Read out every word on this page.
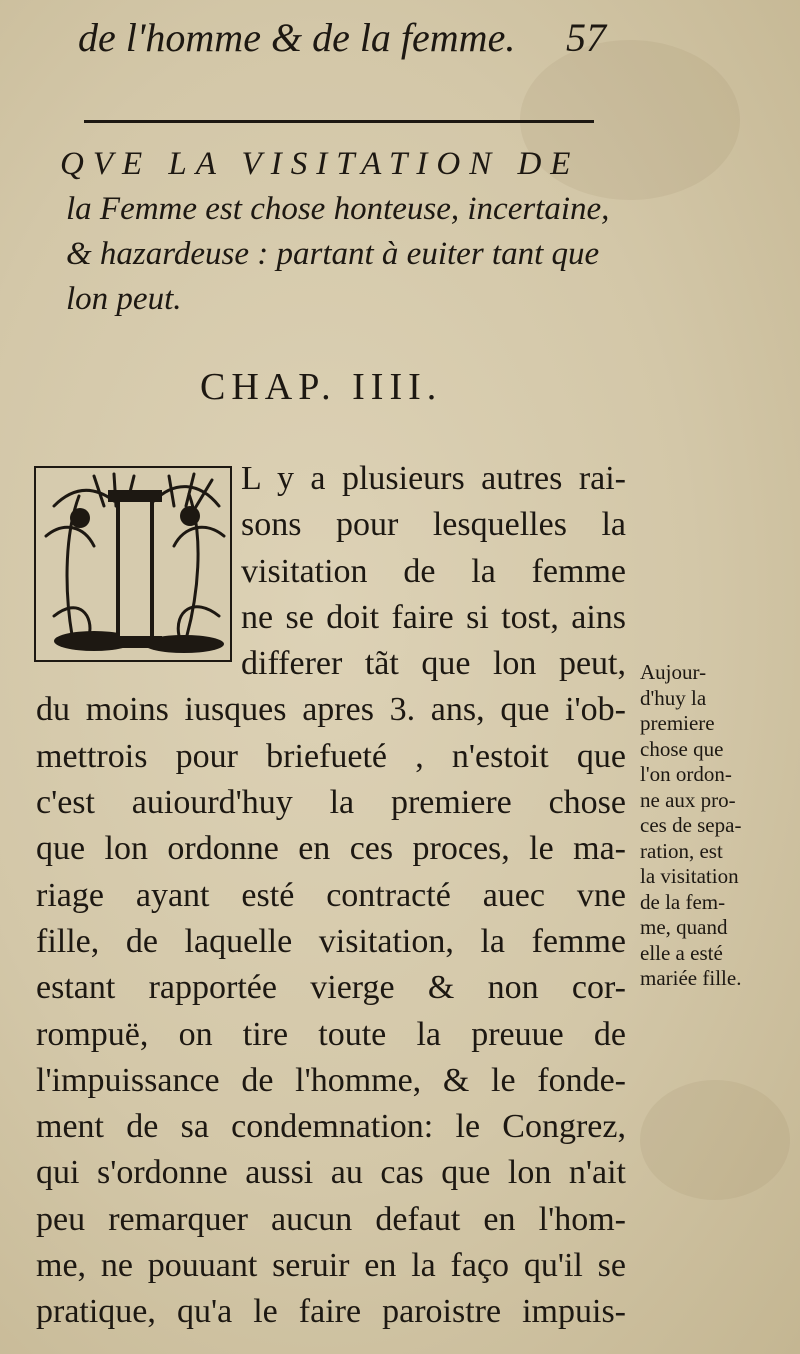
de l'homme & de la femme. 57
QVE LA VISITATION DE
la Femme est chose honteuse, incertaine,
& hazardeuse : partant à euiter tant que
lon peut.
CHAP. IIII.
L y a plusieurs autres rai-
sons pour lesquelles la
visitation de la femme
ne se doit faire si tost, ains
differer tãt que lon peut,
du moins iusques apres 3. ans, que i'ob-
mettrois pour briefueté , n'estoit que
c'est auiourd'huy la premiere chose
que lon ordonne en ces proces, le ma-
riage ayant esté contracté auec vne
fille, de laquelle visitation, la femme
estant rapportée vierge & non cor-
rompuë, on tire toute la preuue de
l'impuissance de l'homme, & le fonde-
ment de sa condemnation: le Congrez,
qui s'ordonne aussi au cas que lon n'ait
peu remarquer aucun defaut en l'hom-
me, ne pouuant seruir en la faço qu'il se
pratique, qu'a le faire paroistre impuis-
Aujour-
d'huy la
premiere
chose que
l'on ordon-
ne aux pro-
ces de sepa-
ration, est
la visitation
de la fem-
me, quand
elle a esté
mariée fille.
